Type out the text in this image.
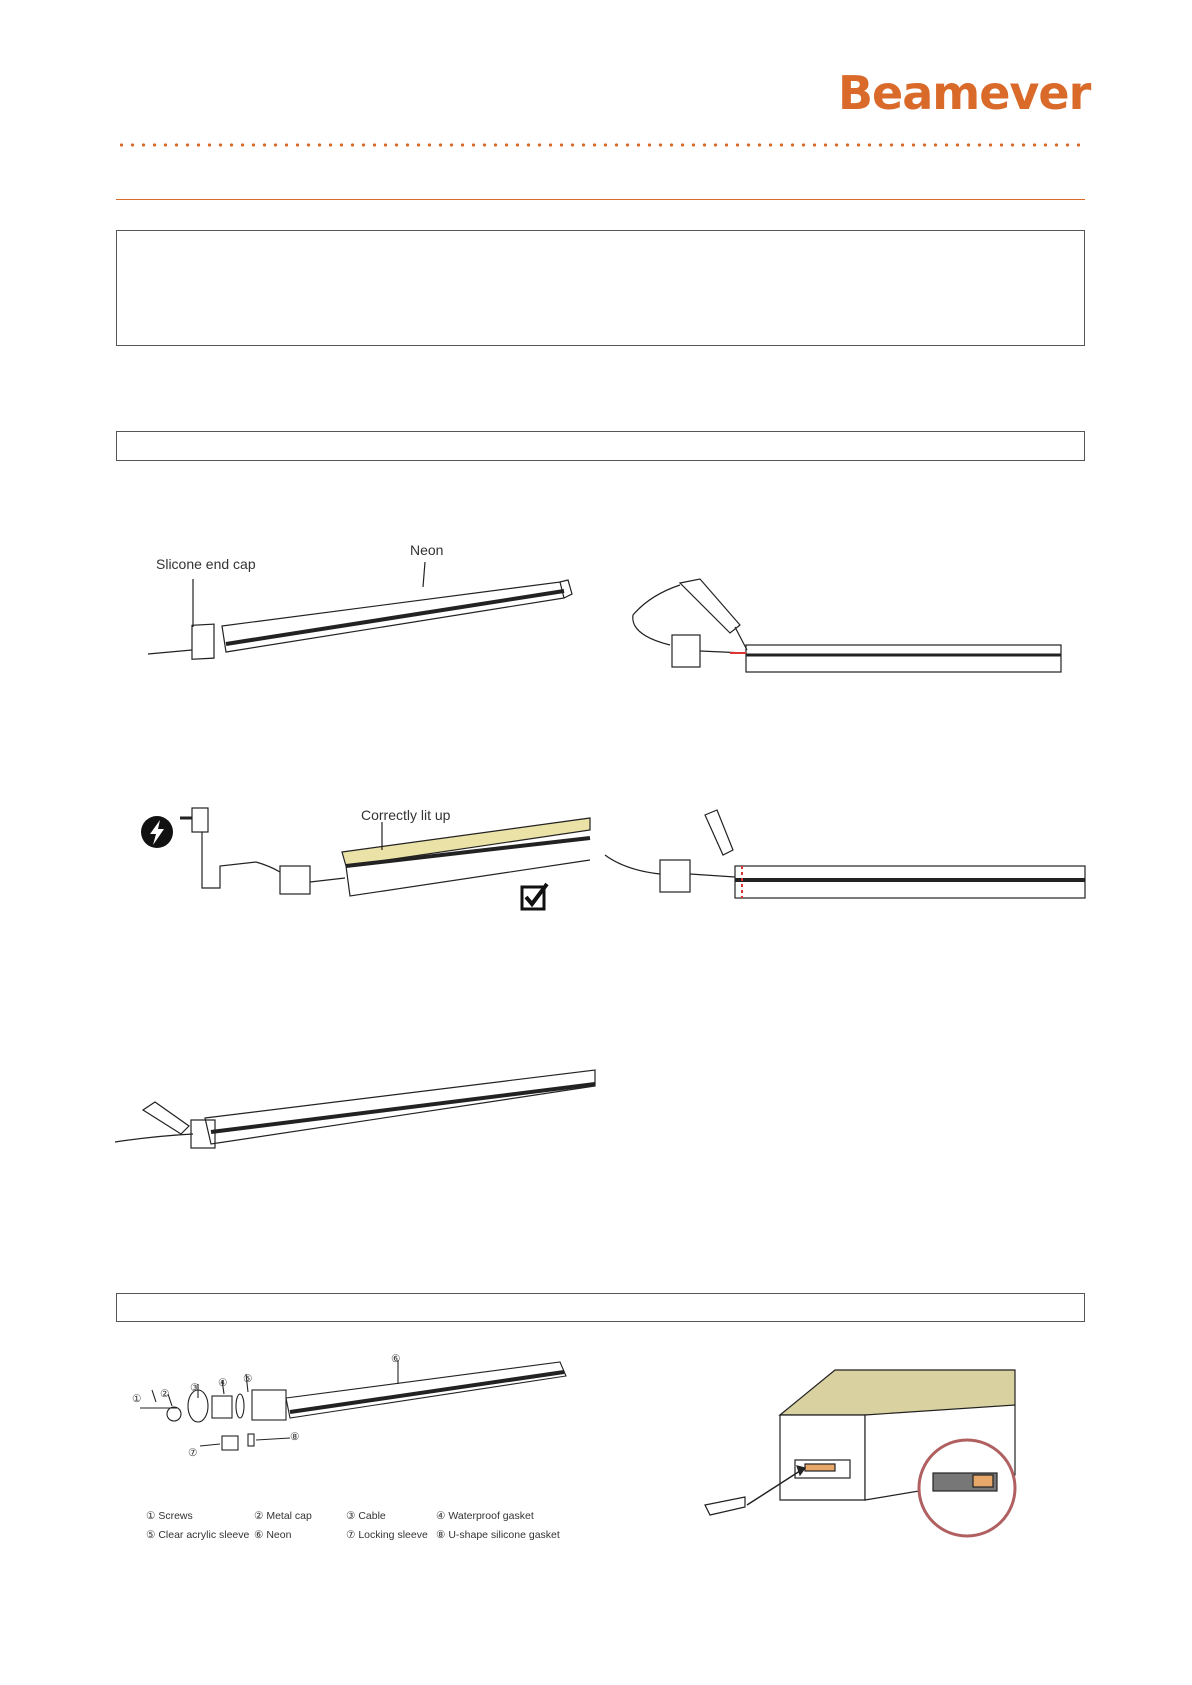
Beamever
Slicone end cap
Neon
Correctly lit up
① ② ③ ④ ⑤
⑥
⑦
⑧
① Screws	② Metal cap	③ Cable	④ Waterproof gasket
⑤ Clear acrylic sleeve ⑥ Neon	⑦ Locking sleeve ⑧ U-shape silicone gasket
